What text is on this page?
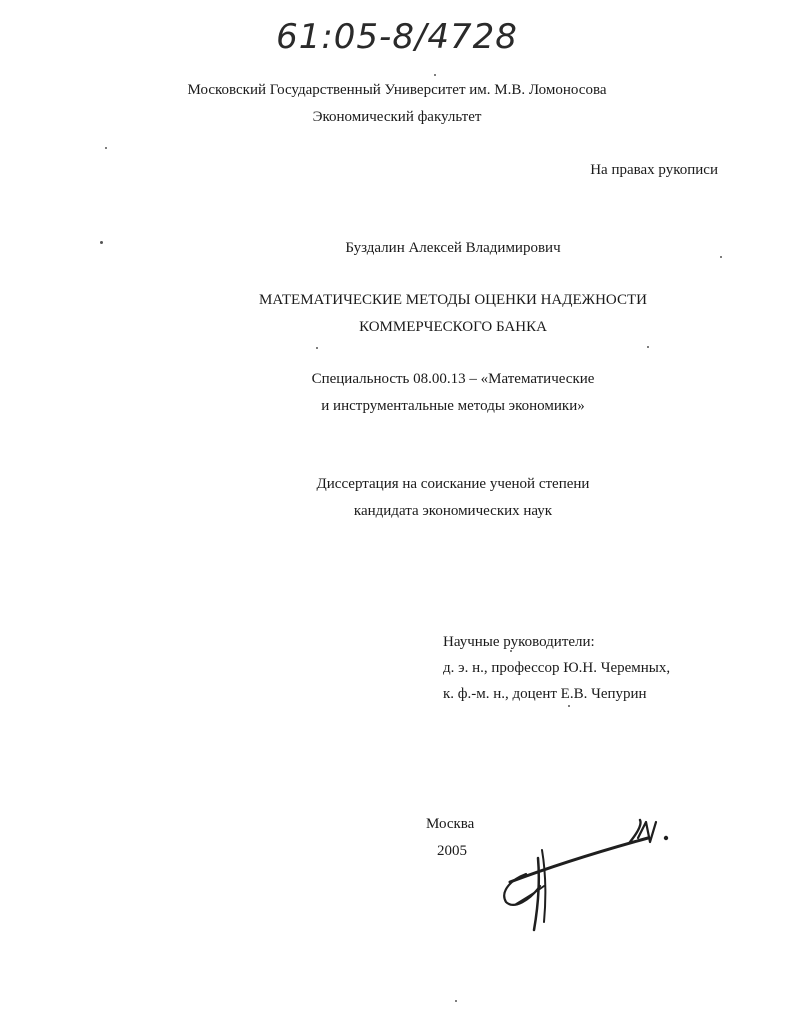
61:05-8/4728
Московский Государственный Университет им. М.В. Ломоносова
Экономический факультет
На правах рукописи
Буздалин Алексей Владимирович
МАТЕМАТИЧЕСКИЕ МЕТОДЫ ОЦЕНКИ НАДЕЖНОСТИ
КОММЕРЧЕСКОГО БАНКА
Специальность 08.00.13 – «Математические
и инструментальные методы экономики»
Диссертация на соискание ученой степени
кандидата экономических наук
Научные руководители:
д. э. н., профессор Ю.Н. Черемных,
к. ф.-м. н., доцент Е.В. Чепурин
Москва
2005
